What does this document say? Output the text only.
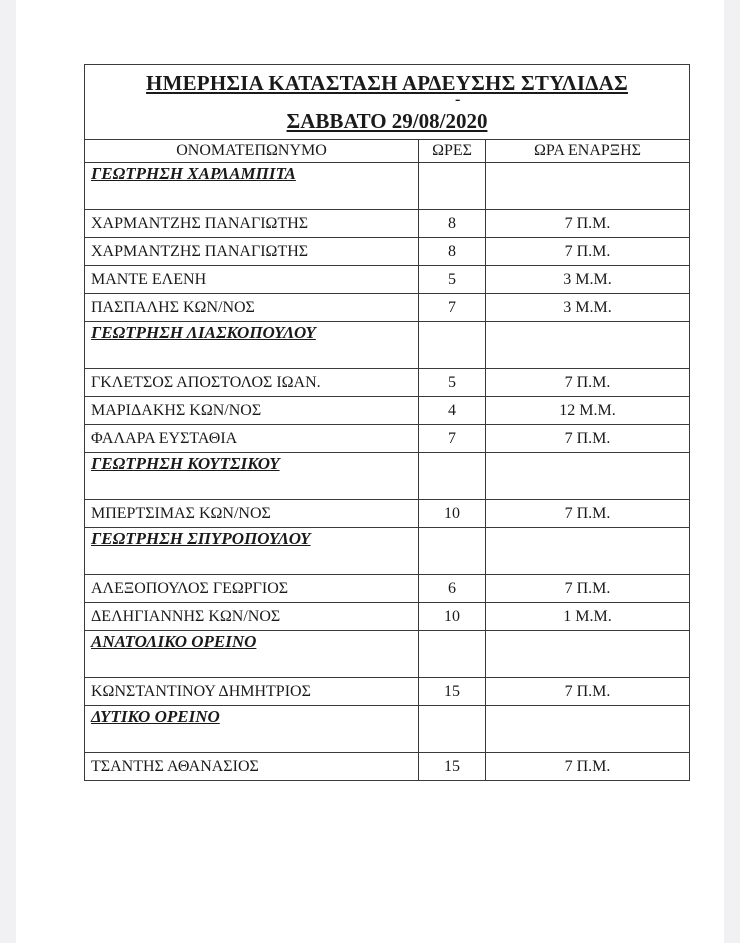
ΗΜΕΡΗΣΙΑ ΚΑΤΑΣΤΑΣΗ ΑΡΔΕΥΣΗΣ ΣΤΥΛΙΔΑΣ
-
ΣΑΒΒΑΤΟ 29/08/2020
ΟΝΟΜΑΤΕΠΩΝΥΜΟ	ΩΡΕΣ	ΩΡΑ ΕΝΑΡΞΗΣ
ΓΕΩΤΡΗΣΗ ΧΑΡΛΑΜΠΙΤΑ
ΧΑΡΜΑΝΤΖΗΣ ΠΑΝΑΓΙΩΤΗΣ	8	7 Π.Μ.
ΧΑΡΜΑΝΤΖΗΣ ΠΑΝΑΓΙΩΤΗΣ	8	7 Π.Μ.
ΜΑΝΤΕ ΕΛΕΝΗ	5	3 Μ.Μ.
ΠΑΣΠΑΛΗΣ ΚΩΝ/ΝΟΣ	7	3 Μ.Μ.
ΓΕΩΤΡΗΣΗ ΛΙΑΣΚΟΠΟΥΛΟΥ
ΓΚΛΕΤΣΟΣ ΑΠΟΣΤΟΛΟΣ ΙΩΑΝ.	5	7 Π.Μ.
ΜΑΡΙΔΑΚΗΣ ΚΩΝ/ΝΟΣ	4	12 Μ.Μ.
ΦΑΛΑΡΑ ΕΥΣΤΑΘΙΑ	7	7 Π.Μ.
ΓΕΩΤΡΗΣΗ ΚΟΥΤΣΙΚΟΥ
ΜΠΕΡΤΣΙΜΑΣ ΚΩΝ/ΝΟΣ	10	7 Π.Μ.
ΓΕΩΤΡΗΣΗ ΣΠΥΡΟΠΟΥΛΟΥ
ΑΛΕΞΟΠΟΥΛΟΣ ΓΕΩΡΓΙΟΣ	6	7 Π.Μ.
ΔΕΛΗΓΙΑΝΝΗΣ ΚΩΝ/ΝΟΣ	10	1 Μ.Μ.
ΑΝΑΤΟΛΙΚΟ ΟΡΕΙΝΟ
ΚΩΝΣΤΑΝΤΙΝΟΥ ΔΗΜΗΤΡΙΟΣ	15	7 Π.Μ.
ΔΥΤΙΚΟ ΟΡΕΙΝΟ
ΤΣΑΝΤΗΣ ΑΘΑΝΑΣΙΟΣ	15	7 Π.Μ.
